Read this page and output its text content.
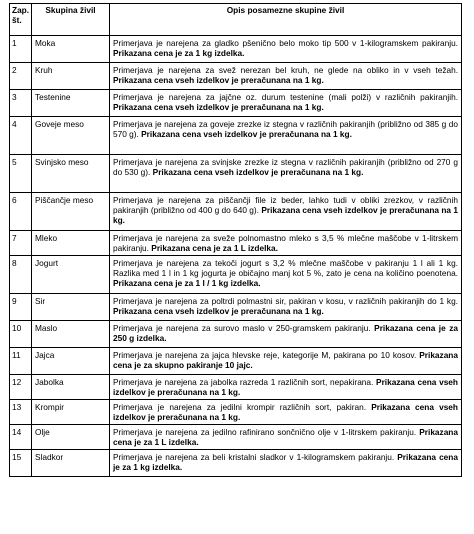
Zap.
št.	Skupina živil	Opis posamezne skupine živil
1	Moka	Primerjava je narejena za gladko pšenično belo moko tip 500 v 1-kilogramskem pakiranju. Prikazana cena je za 1 kg izdelka.
2	Kruh	Primerjava je narejena za svež nerezan bel kruh, ne glede na obliko in v vseh težah. Prikazana cena vseh izdelkov je preračunana na 1 kg.
3	Testenine	Primerjava je narejena za jajčne oz. durum testenine (mali polži) v različnih pakiranjih. Prikazana cena vseh izdelkov je preračunana na 1 kg.
4	Goveje meso	Primerjava je narejena za goveje zrezke iz stegna v različnih pakiranjih (približno od 385 g do 570 g). Prikazana cena vseh izdelkov je preračunana na 1 kg.
5	Svinjsko meso	Primerjava je narejena za svinjske zrezke iz stegna v različnih pakiranjih (približno od 270 g do 530 g). Prikazana cena vseh izdelkov je preračunana na 1 kg.
6	Piščančje meso	Primerjava je narejena za piščančji file iz beder, lahko tudi v obliki zrezkov, v različnih pakiranjih (približno od 400 g do 640 g). Prikazana cena vseh izdelkov je preračunana na 1 kg.
7	Mleko	Primerjava je narejena za sveže polnomastno mleko s 3,5 % mlečne maščobe v 1-litrskem pakiranju. Prikazana cena je za 1 L izdelka.
8	Jogurt	Primerjava je narejena za tekoči jogurt s 3,2 % mlečne maščobe v pakiranju 1 l ali 1 kg. Razlika med 1 l in 1 kg jogurta je običajno manj kot 5 %, zato je cena na količino poenotena. Prikazana cena je za 1 l / 1 kg izdelka.
9	Sir	Primerjava je narejena za poltrdi polmastni sir, pakiran v kosu, v različnih pakiranjih do 1 kg. Prikazana cena vseh izdelkov je preračunana na 1 kg.
10	Maslo	Primerjava je narejena za surovo maslo v 250-gramskem pakiranju. Prikazana cena je za 250 g izdelka.
11	Jajca	Primerjava je narejena za jajca hlevske reje, kategorije M, pakirana po 10 kosov. Prikazana cena je za skupno pakiranje 10 jajc.
12	Jabolka	Primerjava je narejena za jabolka razreda 1 različnih sort, nepakirana. Prikazana cena vseh izdelkov je preračunana na 1 kg.
13	Krompir	Primerjava je narejena za jedilni krompir različnih sort, pakiran. Prikazana cena vseh izdelkov je preračunana na 1 kg.
14	Olje	Primerjava je narejena za jedilno rafinirano sončnično olje v 1-litrskem pakiranju. Prikazana cena je za 1 L izdelka.
15	Sladkor	Primerjava je narejena za beli kristalni sladkor v 1-kilogramskem pakiranju. Prikazana cena je za 1 kg izdelka.
